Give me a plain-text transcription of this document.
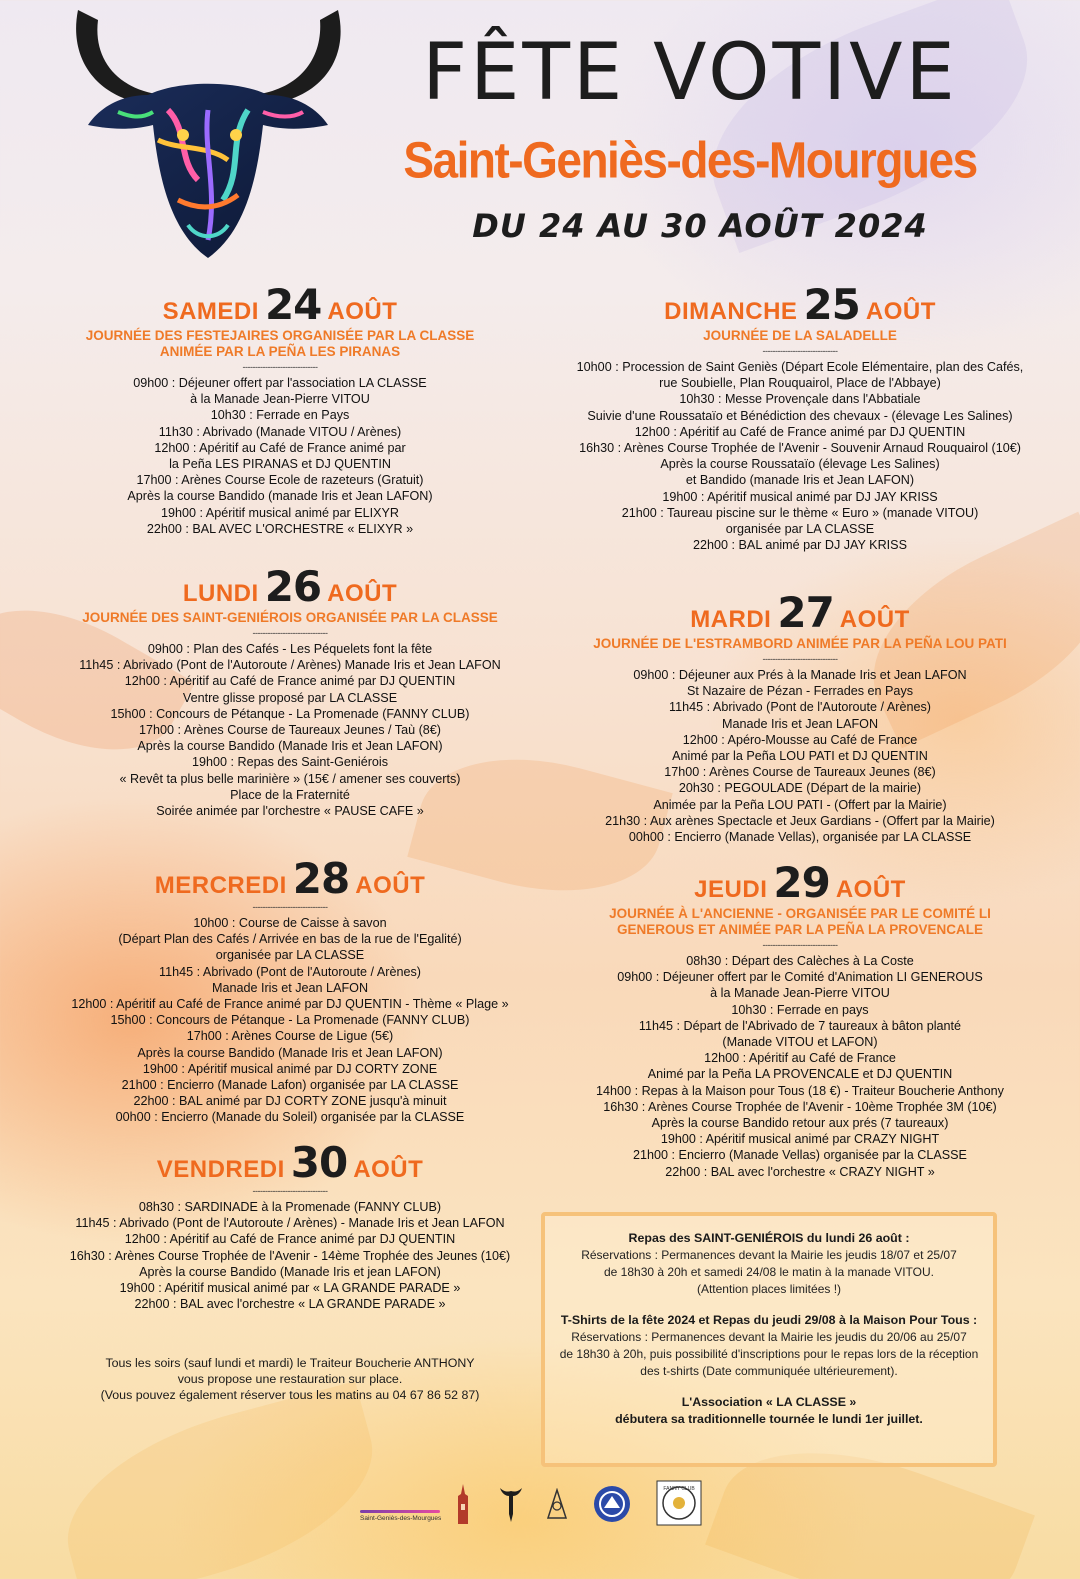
FÊTE VOTIVE
Saint-Geniès-des-Mourgues
DU 24 AU 30 AOÛT 2024
SAMEDI 24 AOÛT
JOURNÉE DES FESTEJAIRES ORGANISÉE PAR LA CLASSE
ANIMÉE PAR LA PEÑA LES PIRANAS
------------------------------
09h00 : Déjeuner offert par l'association LA CLASSE
à la Manade Jean-Pierre VITOU
10h30 : Ferrade en Pays
11h30 : Abrivado (Manade VITOU / Arènes)
12h00 : Apéritif au Café de France animé par
la Peña LES PIRANAS et DJ QUENTIN
17h00 : Arènes Course Ecole de razeteurs (Gratuit)
Après la course Bandido (manade Iris et Jean LAFON)
19h00 : Apéritif musical animé par ELIXYR
22h00 : BAL AVEC L'ORCHESTRE « ELIXYR »
DIMANCHE 25 AOÛT
JOURNÉE DE LA SALADELLE
------------------------------
10h00 : Procession de Saint Geniès (Départ Ecole Elémentaire, plan des Cafés,
rue Soubielle, Plan Rouquairol, Place de l'Abbaye)
10h30 : Messe Provençale dans l'Abbatiale
Suivie d'une Roussataïo et Bénédiction des chevaux - (élevage Les Salines)
12h00 : Apéritif au Café de France animé par DJ QUENTIN
16h30 : Arènes Course Trophée de l'Avenir - Souvenir Arnaud Rouquairol (10€)
Après la course Roussataïo (élevage Les Salines)
et Bandido (manade Iris et Jean LAFON)
19h00 : Apéritif musical animé par DJ JAY KRISS
21h00 : Taureau piscine sur le thème « Euro » (manade VITOU)
organisée par LA CLASSE
22h00 : BAL animé par DJ JAY KRISS
LUNDI 26 AOÛT
JOURNÉE DES SAINT-GENIÉROIS ORGANISÉE PAR LA CLASSE
------------------------------
09h00 : Plan des Cafés - Les Péquelets font la fête
11h45 : Abrivado (Pont de l'Autoroute / Arènes) Manade Iris et Jean LAFON
12h00 : Apéritif au Café de France animé par DJ QUENTIN
Ventre glisse proposé par LA CLASSE
15h00 : Concours de Pétanque - La Promenade (FANNY CLUB)
17h00 : Arènes Course de Taureaux Jeunes / Taù (8€)
Après la course Bandido (Manade Iris et Jean LAFON)
19h00 : Repas des Saint-Geniérois
« Revêt ta plus belle marinière » (15€ / amener ses couverts)
Place de la Fraternité
Soirée animée par l'orchestre « PAUSE CAFE »
MARDI 27 AOÛT
JOURNÉE DE L'ESTRAMBORD ANIMÉE PAR LA PEÑA LOU PATI
------------------------------
09h00 : Déjeuner aux Prés à la Manade Iris et Jean LAFON
St Nazaire de Pézan - Ferrades en Pays
11h45 : Abrivado (Pont de l'Autoroute / Arènes)
Manade Iris et Jean LAFON
12h00 : Apéro-Mousse au Café de France
Animé par la Peña LOU PATI et DJ QUENTIN
17h00 : Arènes Course de Taureaux Jeunes (8€)
20h30 : PEGOULADE (Départ de la mairie)
Animée par la Peña LOU PATI - (Offert par la Mairie)
21h30 : Aux arènes Spectacle et Jeux Gardians - (Offert par la Mairie)
00h00 : Encierro (Manade Vellas), organisée par LA CLASSE
MERCREDI 28 AOÛT
------------------------------
10h00 : Course de Caisse à savon
(Départ Plan des Cafés / Arrivée en bas de la rue de l'Egalité)
organisée par LA CLASSE
11h45 : Abrivado (Pont de l'Autoroute / Arènes)
Manade Iris et Jean LAFON
12h00 : Apéritif au Café de France animé par DJ QUENTIN - Thème « Plage »
15h00 : Concours de Pétanque - La Promenade (FANNY CLUB)
17h00 : Arènes Course de Ligue (5€)
Après la course Bandido (Manade Iris et Jean LAFON)
19h00 : Apéritif musical animé par DJ CORTY ZONE
21h00 : Encierro (Manade Lafon) organisée par LA CLASSE
22h00 : BAL animé par DJ CORTY ZONE jusqu'à minuit
00h00 : Encierro (Manade du Soleil) organisée par la CLASSE
JEUDI 29 AOÛT
JOURNÉE À L'ANCIENNE - ORGANISÉE PAR LE COMITÉ LI
GENEROUS ET ANIMÉE PAR LA PEÑA LA PROVENCALE
------------------------------
08h30 : Départ des Calèches à La Coste
09h00 : Déjeuner offert par le Comité d'Animation LI GENEROUS
à la Manade Jean-Pierre VITOU
10h30 : Ferrade en pays
11h45 : Départ de l'Abrivado de 7 taureaux à bâton planté
(Manade VITOU et LAFON)
12h00 : Apéritif au Café de France
Animé par la Peña LA PROVENCALE et DJ QUENTIN
14h00 : Repas à la Maison pour Tous (18 €) - Traiteur Boucherie Anthony
16h30 : Arènes Course Trophée de l'Avenir - 10ème Trophée 3M (10€)
Après la course Bandido retour aux prés (7 taureaux)
19h00 : Apéritif musical animé par CRAZY NIGHT
21h00 : Encierro (Manade Vellas) organisée par la CLASSE
22h00 : BAL avec l'orchestre « CRAZY NIGHT »
VENDREDI 30 AOÛT
------------------------------
08h30 : SARDINADE à la Promenade (FANNY CLUB)
11h45 : Abrivado (Pont de l'Autoroute / Arènes) - Manade Iris et Jean LAFON
12h00 : Apéritif au Café de France animé par DJ QUENTIN
16h30 : Arènes Course Trophée de l'Avenir - 14ème Trophée des Jeunes (10€)
Après la course Bandido (Manade Iris et jean LAFON)
19h00 : Apéritif musical animé par « LA GRANDE PARADE »
22h00 : BAL avec l'orchestre « LA GRANDE PARADE »
Tous les soirs (sauf lundi et mardi) le Traiteur Boucherie ANTHONY
vous propose une restauration sur place.
(Vous pouvez également réserver tous les matins au 04 67 86 52 87)
Repas des SAINT-GENIÉROIS du lundi 26 août :
Réservations : Permanences devant la Mairie les jeudis 18/07 et 25/07
de 18h30 à 20h et samedi 24/08 le matin à la manade VITOU.
(Attention places limitées !)
T-Shirts de la fête 2024 et Repas du jeudi 29/08 à la Maison Pour Tous :
Réservations : Permanences devant la Mairie les jeudis du 20/06 au 25/07
de 18h30 à 20h, puis possibilité d'inscriptions pour le repas lors de la réception
des t-shirts (Date communiquée ultérieurement).
L'Association « LA CLASSE »
débutera sa traditionnelle tournée le lundi 1er juillet.
Saint-Geniès-des-Mourgues
FANNY CLUB
